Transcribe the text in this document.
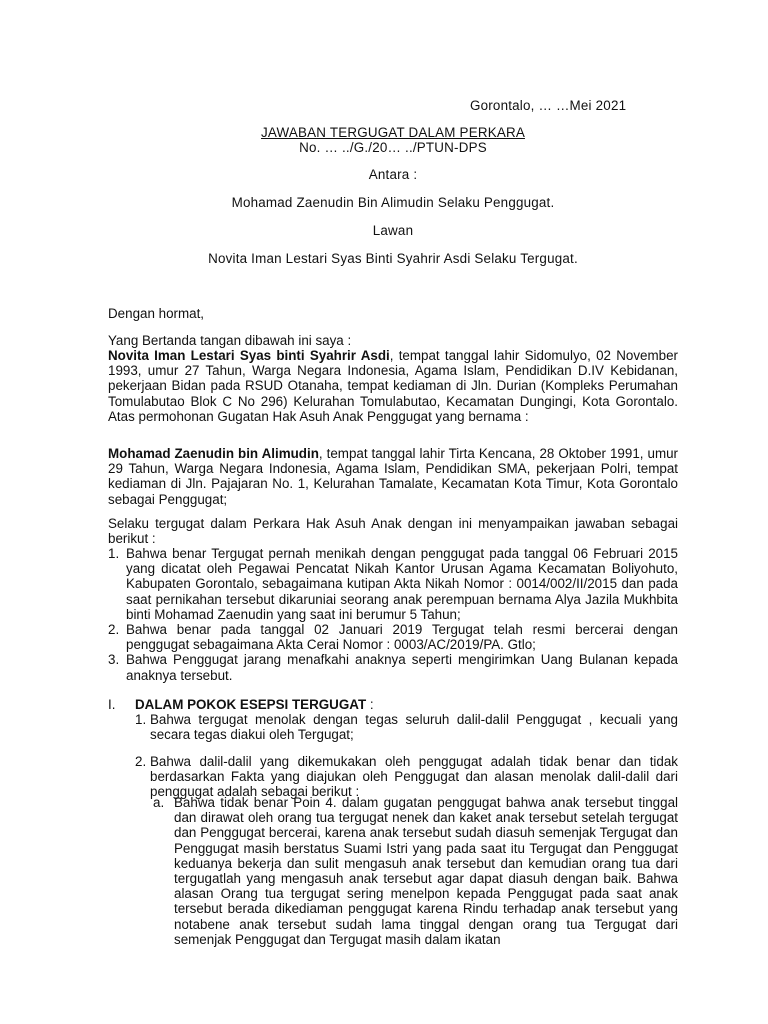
Gorontalo, … …Mei 2021
JAWABAN TERGUGAT DALAM PERKARA
No. … ../G./20… ../PTUN-DPS
Antara :
Mohamad Zaenudin Bin Alimudin Selaku Penggugat.
Lawan
Novita Iman Lestari Syas Binti Syahrir Asdi Selaku Tergugat.

Dengan hormat,

Yang Bertanda tangan dibawah ini saya :

Novita Iman Lestari Syas binti Syahrir Asdi, tempat tanggal lahir Sidomulyo, 02 November 1993, umur 27 Tahun, Warga Negara Indonesia, Agama Islam, Pendidikan D.IV Kebidanan, pekerjaan Bidan pada RSUD Otanaha, tempat kediaman di Jln. Durian (Kompleks Perumahan Tomulabutao Blok C No 296) Kelurahan Tomulabutao, Kecamatan Dungingi, Kota Gorontalo. Atas permohonan Gugatan Hak Asuh Anak Penggugat yang bernama :

Mohamad Zaenudin bin Alimudin, tempat tanggal lahir Tirta Kencana, 28 Oktober 1991, umur 29 Tahun, Warga Negara Indonesia, Agama Islam, Pendidikan SMA, pekerjaan Polri, tempat kediaman di Jln. Pajajaran No. 1, Kelurahan Tamalate, Kecamatan Kota Timur, Kota Gorontalo sebagai Penggugat;

Selaku tergugat dalam Perkara Hak Asuh Anak dengan ini menyampaikan jawaban sebagai berikut :

1. Bahwa benar Tergugat pernah menikah dengan penggugat pada tanggal 06 Februari 2015 yang dicatat oleh Pegawai Pencatat Nikah Kantor Urusan Agama Kecamatan Boliyohuto, Kabupaten Gorontalo, sebagaimana kutipan Akta Nikah Nomor : 0014/002/II/2015 dan pada saat pernikahan tersebut dikaruniai seorang anak perempuan bernama Alya Jazila Mukhbita binti Mohamad Zaenudin yang saat ini berumur 5 Tahun;
2. Bahwa benar pada tanggal 02 Januari 2019 Tergugat telah resmi bercerai dengan penggugat sebagaimana Akta Cerai Nomor : 0003/AC/2019/PA. Gtlo;
3. Bahwa Penggugat jarang menafkahi anaknya seperti mengirimkan Uang Bulanan kepada anaknya tersebut.
I. DALAM POKOK ESEPSI TERGUGAT :
1. Bahwa tergugat menolak dengan tegas seluruh dalil-dalil Penggugat , kecuali yang secara tegas diakui oleh Tergugat;
2. Bahwa dalil-dalil yang dikemukakan oleh penggugat adalah tidak benar dan tidak berdasarkan Fakta yang diajukan oleh Penggugat dan alasan menolak dalil-dalil dari penggugat adalah sebagai berikut :
a. Bahwa tidak benar Poin 4. dalam gugatan penggugat bahwa anak tersebut tinggal dan dirawat oleh orang tua tergugat nenek dan kaket anak tersebut setelah tergugat dan Penggugat bercerai, karena anak tersebut sudah diasuh semenjak Tergugat dan Penggugat masih berstatus Suami Istri yang pada saat itu Tergugat dan Penggugat keduanya bekerja dan sulit mengasuh anak tersebut dan kemudian orang tua dari tergugatlah yang mengasuh anak tersebut agar dapat diasuh dengan baik. Bahwa alasan Orang tua tergugat sering menelpon kepada Penggugat pada saat anak tersebut berada dikediaman penggugat karena Rindu terhadap anak tersebut yang notabene anak tersebut sudah lama tinggal dengan orang tua Tergugat dari semenjak Penggugat dan Tergugat masih dalam ikatan
